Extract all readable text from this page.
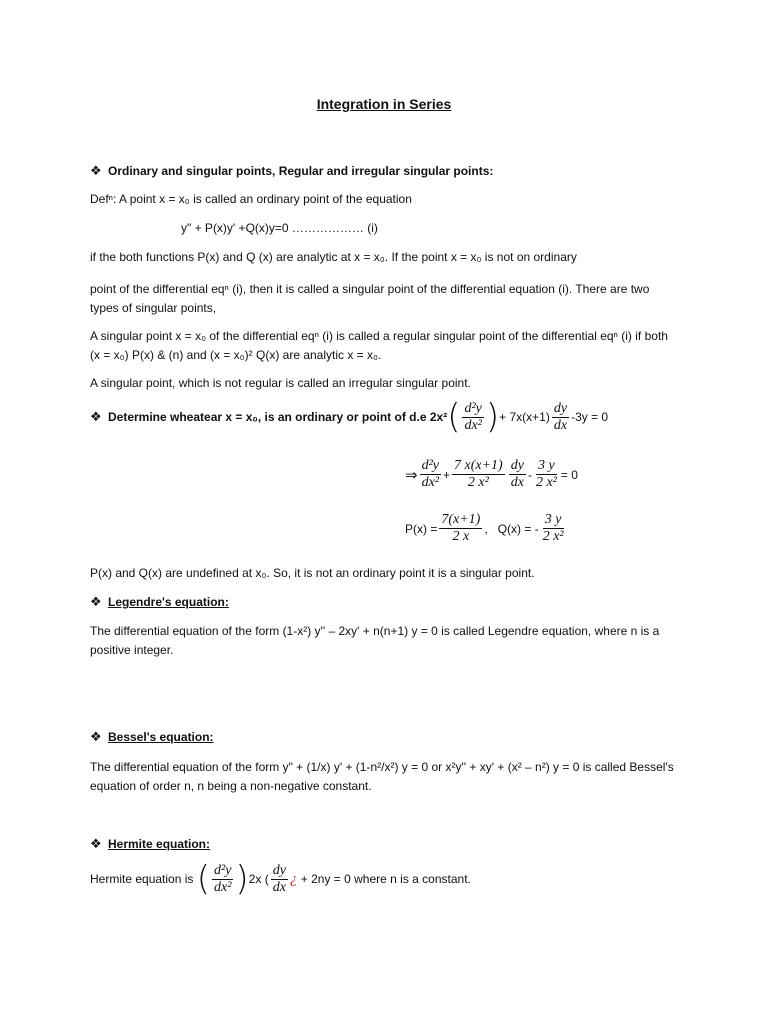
Integration in Series
❖ Ordinary and singular points, Regular and irregular singular points:
Defⁿ: A point x = x₀ is called an ordinary point of the equation
y" + P(x)y' +Q(x)y=0 ……………… (i)
if the both functions P(x) and Q (x) are analytic at x = x₀. If the point x = x₀ is not on ordinary
point of the differential eqⁿ (i), then it is called a singular point of the differential equation (i). There are two types of singular points,
A singular point x = x₀ of the differential eqⁿ (i) is called a regular singular point of the differential eqⁿ (i) if both (x = x₀) P(x) & (n) and (x = x₀)² Q(x) are analytic x = x₀.
A singular point, which is not regular is called an irregular singular point.
❖ Determine wheatear
x = x₀,
is an ordinary or point of d.e 2x² ( $\frac{\text{d²y}}{\text{dx²}}$ ) + $7x(x+1) \frac{dy}{dx} -3y = 0$
⇒ $\frac{\text{d²y}}{\text{dx²}} + \frac{7 x(x+1)}{\text{2 x²}} \frac{dy}{dx} - \frac{3 y}{\text{2 x²}} = 0$
$P(x) = \frac{7(x+1)}{2 x}$ , Q(x) = - $\frac{3 y}{\text{2 x²}}$
P(x) and Q(x) are undefined at x₀. So, it is not an ordinary point it is a singular point.
❖ Legendre's equation:
The differential equation of the form (1-x²) y'' – 2xy' + n(n+1) y = 0 is called Legendre equation, where n is a positive integer.
❖ Bessel's equation:
The differential equation of the form y" + (1/x) y' + (1-n²/x²) y = 0 or x²y'' + xy' + (x² – n²) y = 0 is called Bessel's equation of order n, n being a non-negative constant.
❖ Hermite equation:
Hermite equation is
( $\frac{\text{d²y}}{\text{dx²}}$ ) 2x ( $\frac{dy}{dx}$ ¿
+ 2ny = 0 where n is a constant.
